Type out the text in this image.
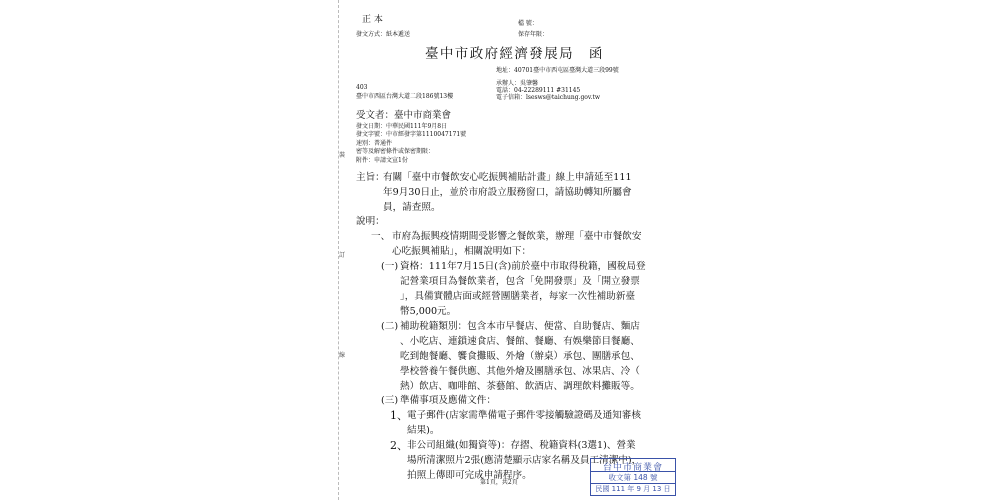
裝
訂
線
正 本	檔 號：
發文方式：紙本遞送	保存年限：
臺中市政府經濟發展局　函
地址：40701臺中市西屯區臺灣大道三段99號
承辦人：吳肇馨
電話：04-22289111 #31145
電子信箱：lsesws@taichung.gov.tw
403
臺中市西區台灣大道二段186號13樓
受文者：臺中市商業會
發文日期：中華民國111年9月8日
發文字號：中市經發字第1110047171號
速別：普通件
密等及解密條件或保密期限：
附件：申請文宣1份
主旨：
有關「臺中市餐飲安心吃振興補貼計畫」線上申請延至111
年9月30日止，並於市府設立服務窗口，請協助轉知所屬會
員，請查照。
說明：
一、 市府為振興疫情期間受影響之餐飲業，辦理「臺中市餐飲安
心吃振興補貼」，相關說明如下：
(一) 資格：111年7月15日(含)前於臺中市取得稅籍，國稅局登
記營業項目為餐飲業者，包含「免開發票」及「開立發票
」，具備實體店面或經營團膳業者，每家一次性補助新臺
幣5,000元。
(二) 補助稅籍類別：包含本市早餐店、便當、自助餐店、麵店
、小吃店、連鎖速食店、餐館、餐廳、有娛樂節目餐廳、
吃到飽餐廳、饗食攤販、外燴（辦桌）承包、團膳承包、
學校營養午餐供應、其他外燴及團膳承包、冰果店、冷（
熱）飲店、咖啡館、茶藝館、飲酒店、調理飲料攤販等。
(三) 準備事項及應備文件：
1、 電子郵件(店家需準備電子郵件零接觸驗證碼及通知審核
結果)。
2、 非公司組織(如獨資等)：存摺、稅籍資料(3選1)、營業
場所清潔照片2張(應清楚顯示店家名稱及員工清潔中)，
拍照上傳即可完成申請程序。
第1頁，共2頁
台中市商業會
收文第 148 號
民國 111 年 9 月 13 日
